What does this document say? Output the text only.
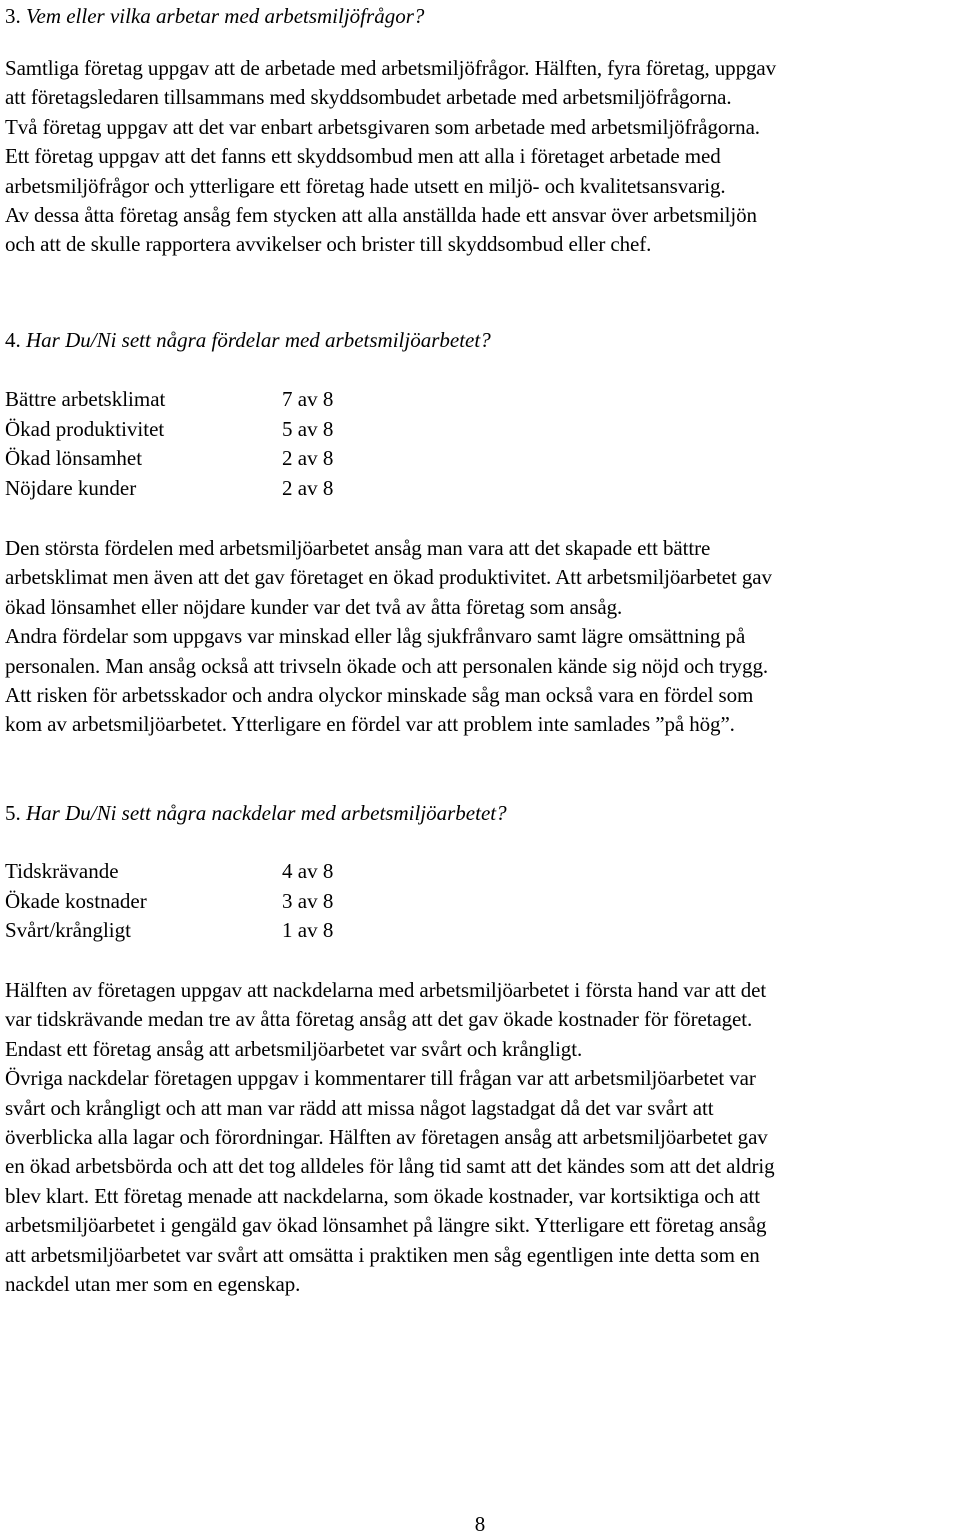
3. Vem eller vilka arbetar med arbetsmiljöfrågor?
Samtliga företag uppgav att de arbetade med arbetsmiljöfrågor. Hälften, fyra företag, uppgav
att företagsledaren tillsammans med skyddsombudet arbetade med arbetsmiljöfrågorna.
Två företag uppgav att det var enbart arbetsgivaren som arbetade med arbetsmiljöfrågorna.
Ett företag uppgav att det fanns ett skyddsombud men att alla i företaget arbetade med
arbetsmiljöfrågor och ytterligare ett företag hade utsett en miljö- och kvalitetsansvarig.
Av dessa åtta företag ansåg fem stycken att alla anställda hade ett ansvar över arbetsmiljön
och att de skulle rapportera avvikelser och brister till skyddsombud eller chef.
4. Har Du/Ni sett några fördelar med arbetsmiljöarbetet?
Bättre arbetsklimat	7 av 8
Ökad produktivitet	5 av 8
Ökad lönsamhet	2 av 8
Nöjdare kunder	2 av 8
Den största fördelen med arbetsmiljöarbetet ansåg man vara att det skapade ett bättre
arbetsklimat men även att det gav företaget en ökad produktivitet. Att arbetsmiljöarbetet gav
ökad lönsamhet eller nöjdare kunder var det två av åtta företag som ansåg.
Andra fördelar som uppgavs var minskad eller låg sjukfrånvaro samt lägre omsättning på
personalen. Man ansåg också att trivseln ökade och att personalen kände sig nöjd och trygg.
Att risken för arbetsskador och andra olyckor minskade såg man också vara en fördel som
kom av arbetsmiljöarbetet. Ytterligare en fördel var att problem inte samlades ”på hög”.
5. Har Du/Ni sett några nackdelar med arbetsmiljöarbetet?
Tidskrävande	4 av 8
Ökade kostnader	3 av 8
Svårt/krångligt	1 av 8
Hälften av företagen uppgav att nackdelarna med arbetsmiljöarbetet i första hand var att det
var tidskrävande medan tre av åtta företag ansåg att det gav ökade kostnader för företaget.
Endast ett företag ansåg att arbetsmiljöarbetet var svårt och krångligt.
Övriga nackdelar företagen uppgav i kommentarer till frågan var att arbetsmiljöarbetet var
svårt och krångligt och att man var rädd att missa något lagstadgat då det var svårt att
överblicka alla lagar och förordningar. Hälften av företagen ansåg att arbetsmiljöarbetet gav
en ökad arbetsbörda och att det tog alldeles för lång tid samt att det kändes som att det aldrig
blev klart. Ett företag menade att nackdelarna, som ökade kostnader, var kortsiktiga och att
arbetsmiljöarbetet i gengäld gav ökad lönsamhet på längre sikt. Ytterligare ett företag ansåg
att arbetsmiljöarbetet var svårt att omsätta i praktiken men såg egentligen inte detta som en
nackdel utan mer som en egenskap.
8
